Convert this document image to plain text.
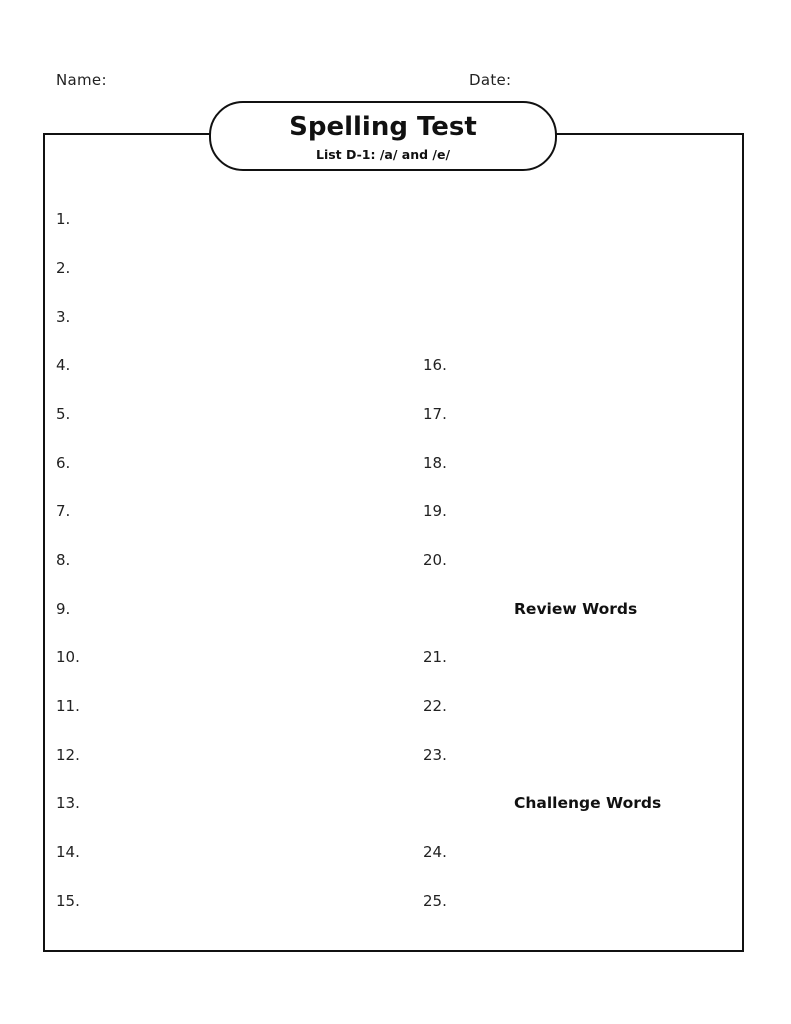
Name:	Date:
Spelling Test
List D-1: /a/ and /e/
1.
2.
3.
4.
5.
6.
7.
8.
9.
10.
11.
12.
13.
14.
15.
16.
17.
18.
19.
20.
Review Words
21.
22.
23.
Challenge Words
24.
25.
